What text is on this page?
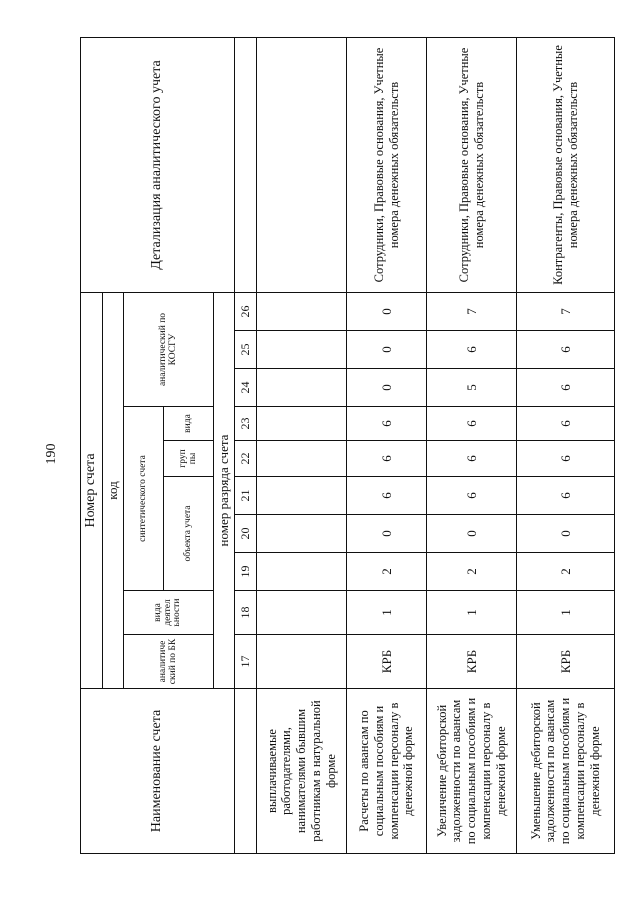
190
Наименование счета	Номер счета										Детализация аналитического учета
	код										
	аналитиче ский по БК	вида деятел ьности	синтетического счета					аналитический по КОСГУ			
			объекта учета			груп пы	вида				

	номер разряда счета										
	17	18	19	20	21	22	23	24	25	26	
выплачиваемые работодателями, нанимателями бывшим работникам в натуральной форме											
Расчеты по авансам по социальным пособиям и компенсации персоналу в денежной форме	КРБ	1	2	0	6	6	6	0	0	0	Сотрудники, Правовые основания, Учетные номера денежных обязательств
Увеличение дебиторской задолженности по авансам по социальным пособиям и компенсации персоналу в денежной форме	КРБ	1	2	0	6	6	6	5	6	7	Сотрудники, Правовые основания, Учетные номера денежных обязательств
Уменьшение дебиторской задолженности по авансам по социальным пособиям и компенсации персоналу в денежной форме	КРБ	1	2	0	6	6	6	6	6	7	Контрагенты, Правовые основания, Учетные номера денежных обязательств
